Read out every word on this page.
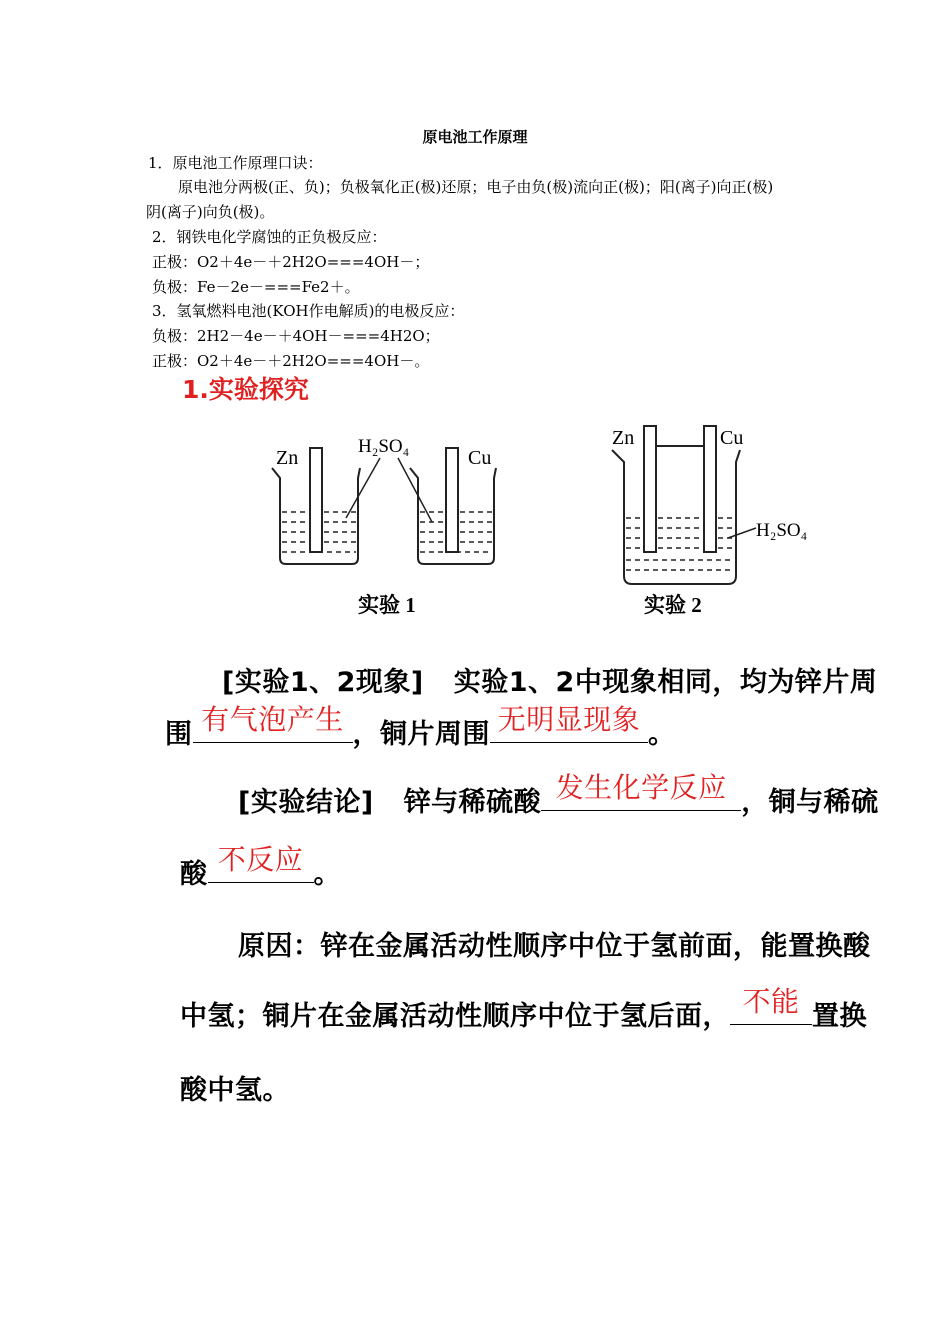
原电池工作原理
1．原电池工作原理口诀：
原电池分两极(正、负)；负极氧化正(极)还原；电子由负(极)流向正(极)；阳(离子)向正(极)
阴(离子)向负(极)。
2．钢铁电化学腐蚀的正负极反应：
正极：O2＋4e－＋2H2O===4OH－；
负极：Fe－2e－===Fe2＋。
3．氢氧燃料电池(KOH作电解质)的电极反应：
负极：2H2－4e－＋4OH－===4H2O；
正极：O2＋4e－＋2H2O===4OH－。
1.实验探究
Zn
H₂SO₄
Cu
实验 1
Zn	Cu
H₂SO₄
实验 2
[实验1、2现象] 实验1、2中现象相同，均为锌片周
围 有气泡产生 ，铜片周围 无明显现象 。
[实验结论] 锌与稀硫酸 发生化学反应 ，铜与稀硫
酸 不反应 。
原因：锌在金属活动性顺序中位于氢前面，能置换酸
中氢；铜片在金属活动性顺序中位于氢后面， 不能 置换
酸中氢。
